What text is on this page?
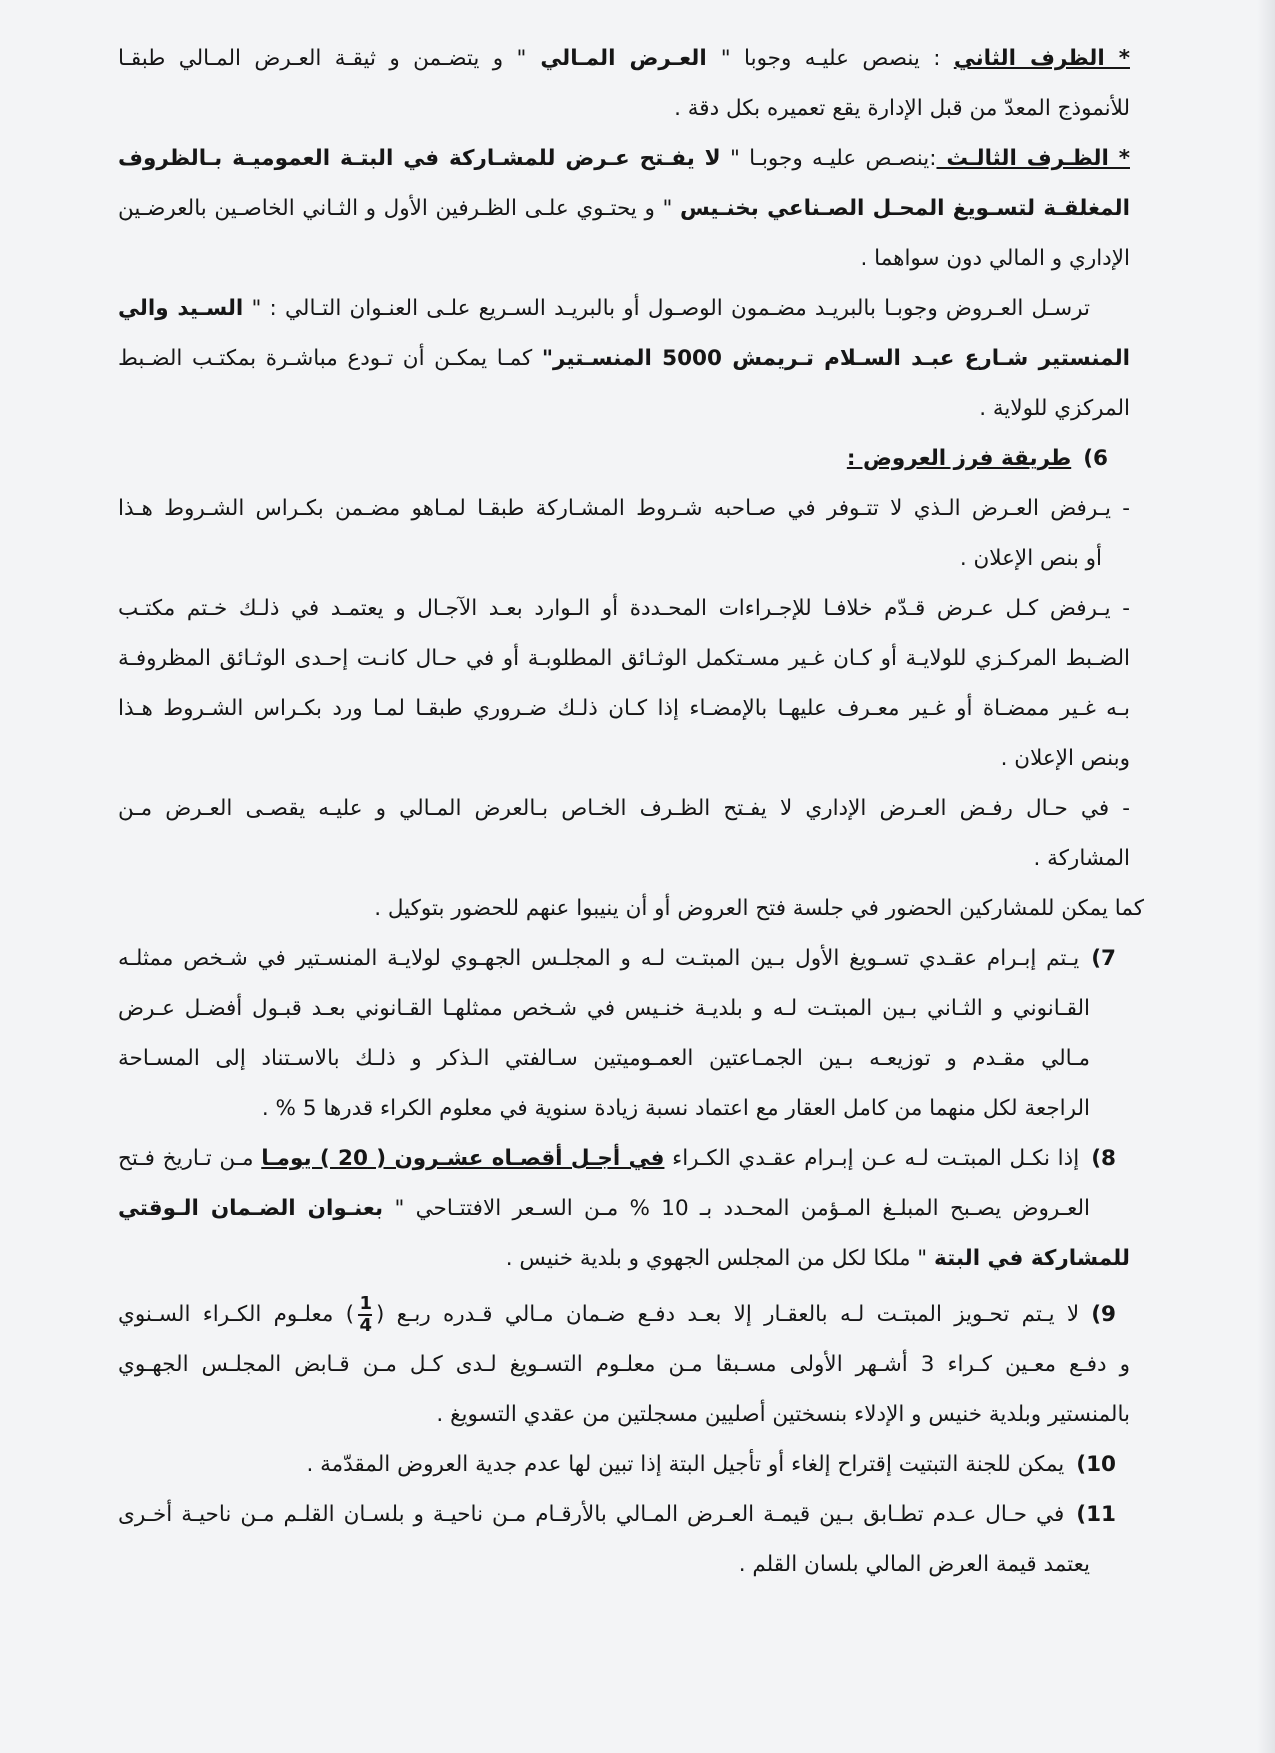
* الظرف الثاني : ينصص عليـه وجوبا " العـرض المـالي " و يتضـمن و ثيقـة العـرض المـالي طبقـا
للأنموذج المعدّ من قبل الإدارة يقع تعميره بكل دقة .
* الظـرف الثالـث :ينصـص عليـه وجوبـا " لا يفـتح عـرض للمشـاركة في البتـة العموميـة بـالظروف
المغلقـة لتسـويغ المحـل الصـناعي بخنـيس " و يحتـوي علـى الظـرفين الأول و الثـاني الخاصـين بالعرضـين
الإداري و المالي دون سواهما .
ترسـل العـروض وجوبـا بالبريـد مضـمون الوصـول أو بالبريـد السـريع علـى العنـوان التـالي : " السـيد والي
المنستير شـارع عبـد السـلام تـريمش 5000 المنسـتير" كمـا يمكـن أن تـودع مباشـرة بمكتـب الضـبط
المركزي للولاية .
6)طريقة فرز العروض :
- يـرفض العـرض الـذي لا تتـوفر في صـاحبه شـروط المشـاركة طبقـا لمـاهو مضـمن بكـراس الشـروط هـذا
أو بنص الإعلان .
- يـرفض كـل عـرض قـدّم خلافـا للإجـراءات المحـددة أو الـوارد بعـد الآجـال و يعتمـد في ذلـك خـتم مكتـب
الضـبط المركـزي للولايـة أو كـان غـير مسـتكمل الوثـائق المطلوبـة أو في حـال كانـت إحـدى الوثـائق المظروفـة
بـه غـير ممضـاة أو غـير معـرف عليهـا بالإمضـاء إذا كـان ذلـك ضـروري طبقـا لمـا ورد بكـراس الشـروط هـذا
وبنص الإعلان .
- في حـال رفـض العـرض الإداري لا يفـتح الظـرف الخـاص بـالعرض المـالي و عليـه يقصـى العـرض مـن
المشاركة .
كما يمكن للمشاركين الحضور في جلسة فتح العروض أو أن ينيبوا عنهم للحضور بتوكيل .
7)يـتم إبـرام عقـدي تسـويغ الأول بـين المبتـت لـه و المجلـس الجهـوي لولايـة المنسـتير في شـخص ممثلـه
القـانوني و الثـاني بـين المبتـت لـه و بلديـة خنـيس في شـخص ممثلهـا القـانوني بعـد قبـول أفضـل عـرض
مـالي مقـدم و توزيعـه بـين الجمـاعتين العمـوميتين سـالفتي الـذكر و ذلـك بالاسـتناد إلى المسـاحة
الراجعة لكل منهما من كامل العقار مع اعتماد نسبة زيادة سنوية في معلوم الكراء قدرها 5 % .
8)إذا نكـل المبتـت لـه عـن إبـرام عقـدي الكـراء في أجـل أقصـاه عشـرون ( 20 ) يومـا مـن تـاريخ فـتح
العـروض يصـبح المبلـغ المـؤمن المحـدد بـ 10 % مـن السـعر الافتتـاحي " بعنـوان الضـمان الـوقتي
للمشاركة في البتة " ملكا لكل من المجلس الجهوي و بلدية خنيس .
9)لا يـتم تحـويز المبتـت لـه بالعقـار إلا بعـد دفـع ضـمان مـالي قـدره ربـع (
$\frac{1}{4}$
) معلـوم الكـراء السـنوي
و دفـع معـين كـراء 3 أشـهر الأولى مسـبقا مـن معلـوم التسـويغ لـدى كـل مـن قـابض المجلـس الجهـوي
بالمنستير وبلدية خنيس و الإدلاء بنسختين أصليين مسجلتين من عقدي التسويغ .
10)يمكن للجنة التبتيت إقتراح إلغاء أو تأجيل البتة إذا تبين لها عدم جدية العروض المقدّمة .
11)في حـال عـدم تطـابق بـين قيمـة العـرض المـالي بالأرقـام مـن ناحيـة و بلسـان القلـم مـن ناحيـة أخـرى
يعتمد قيمة العرض المالي بلسان القلم .
